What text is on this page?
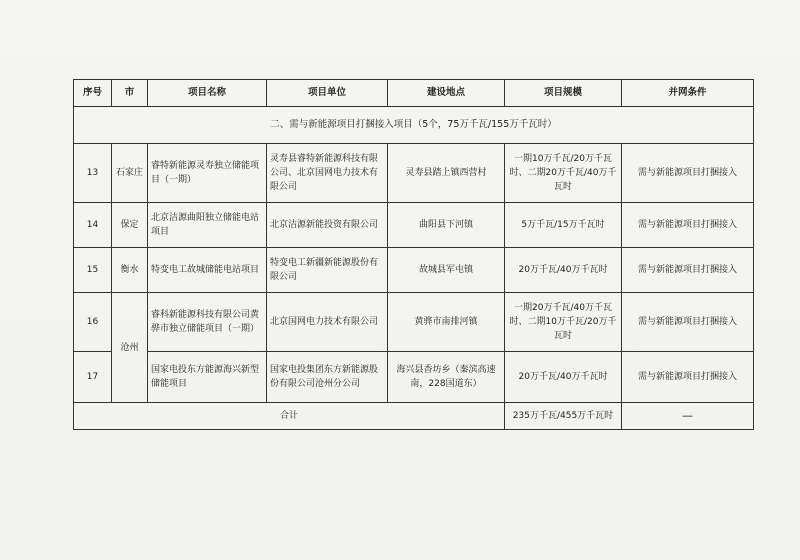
序号	市	项目名称	项目单位	建设地点	项目规模	并网条件
二、需与新能源项目打捆接入项目（5个，75万千瓦/155万千瓦时）						
13	石家庄	睿特新能源灵寿独立储能项目（一期）	灵寿县睿特新能源科技有限公司、北京国网电力技术有限公司	灵寿县踏上镇西营村	一期10万千瓦/20万千瓦时、二期20万千瓦/40万千瓦时	需与新能源项目打捆接入
14	保定	北京洁源曲阳独立储能电站项目	北京洁源新能投资有限公司	曲阳县下河镇	5万千瓦/15万千瓦时	需与新能源项目打捆接入
15	衡水	特变电工故城储能电站项目	特变电工新疆新能源股份有限公司	故城县军屯镇	20万千瓦/40万千瓦时	需与新能源项目打捆接入
16	沧州	睿科新能源科技有限公司黄骅市独立储能项目（一期）	北京国网电力技术有限公司	黄骅市南排河镇	一期20万千瓦/40万千瓦时、二期10万千瓦/20万千瓦时	需与新能源项目打捆接入
17		国家电投东方能源海兴新型储能项目	国家电投集团东方新能源股份有限公司沧州分公司	海兴县香坊乡（秦滨高速南，228国道东）	20万千瓦/40万千瓦时	需与新能源项目打捆接入
合计					235万千瓦/455万千瓦时	—
